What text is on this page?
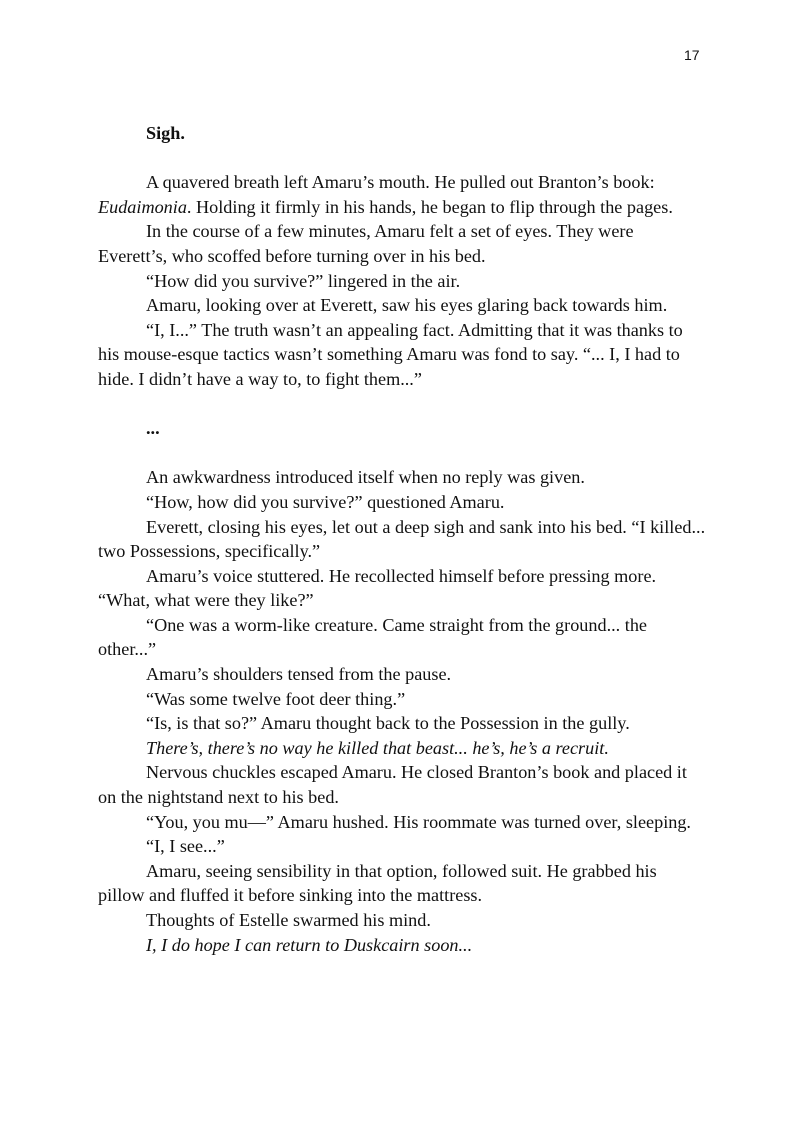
17

Sigh.

A quavered breath left Amaru’s mouth. He pulled out Branton’s book: Eudaimonia. Holding it firmly in his hands, he began to flip through the pages.

In the course of a few minutes, Amaru felt a set of eyes. They were Everett’s, who scoffed before turning over in his bed.

“How did you survive?” lingered in the air.

Amaru, looking over at Everett, saw his eyes glaring back towards him.

“I, I...” The truth wasn’t an appealing fact. Admitting that it was thanks to his mouse-esque tactics wasn’t something Amaru was fond to say. “... I, I had to hide. I didn’t have a way to, to fight them...”

...

An awkwardness introduced itself when no reply was given.

“How, how did you survive?” questioned Amaru.

Everett, closing his eyes, let out a deep sigh and sank into his bed. “I killed... two Possessions, specifically.”

Amaru’s voice stuttered. He recollected himself before pressing more. “What, what were they like?”

“One was a worm-like creature. Came straight from the ground... the other...”

Amaru’s shoulders tensed from the pause.

“Was some twelve foot deer thing.”

“Is, is that so?” Amaru thought back to the Possession in the gully.

There’s, there’s no way he killed that beast... he’s, he’s a recruit.

Nervous chuckles escaped Amaru. He closed Branton’s book and placed it on the nightstand next to his bed.

“You, you mu—” Amaru hushed. His roommate was turned over, sleeping.

“I, I see...”

Amaru, seeing sensibility in that option, followed suit. He grabbed his pillow and fluffed it before sinking into the mattress.

Thoughts of Estelle swarmed his mind.

I, I do hope I can return to Duskcairn soon...
